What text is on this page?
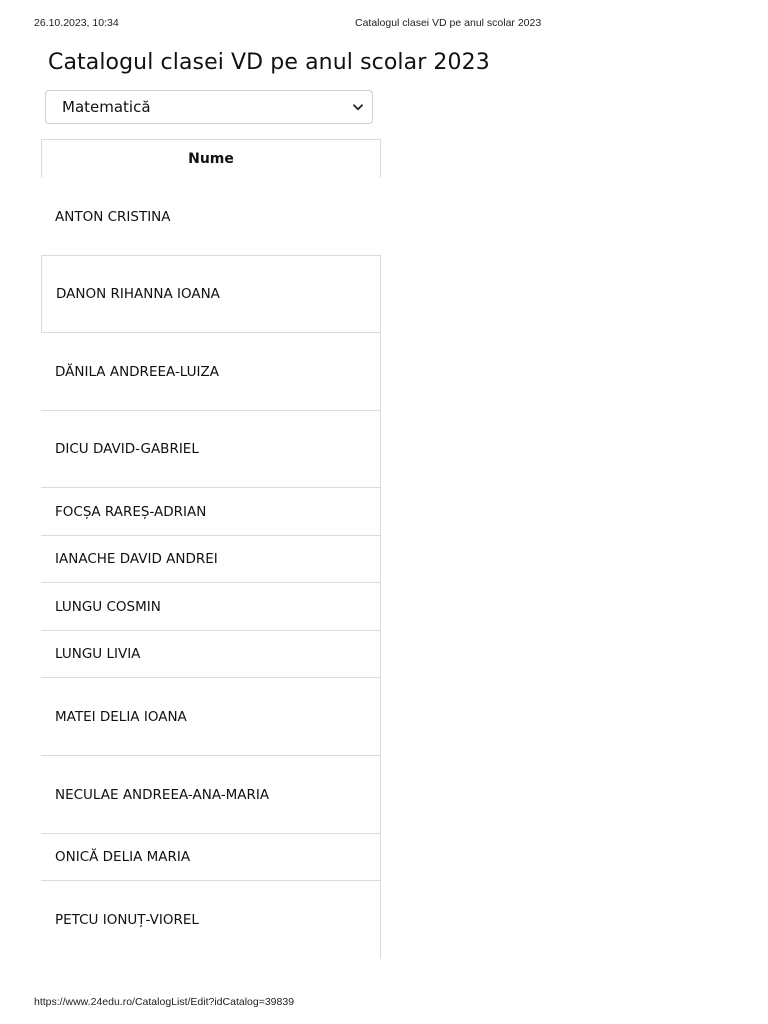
26.10.2023, 10:34	Catalogul clasei VD pe anul scolar 2023
Catalogul clasei VD pe anul scolar 2023
Matematică
Nume
ANTON CRISTINA
DANON RIHANNA IOANA
DĂNILA ANDREEA-LUIZA
DICU DAVID-GABRIEL
FOCȘA RAREȘ-ADRIAN
IANACHE DAVID ANDREI
LUNGU COSMIN
LUNGU LIVIA
MATEI DELIA IOANA
NECULAE ANDREEA-ANA-MARIA
ONICĂ DELIA MARIA
PETCU IONUȚ-VIOREL
https://www.24edu.ro/CatalogList/Edit?idCatalog=39839
